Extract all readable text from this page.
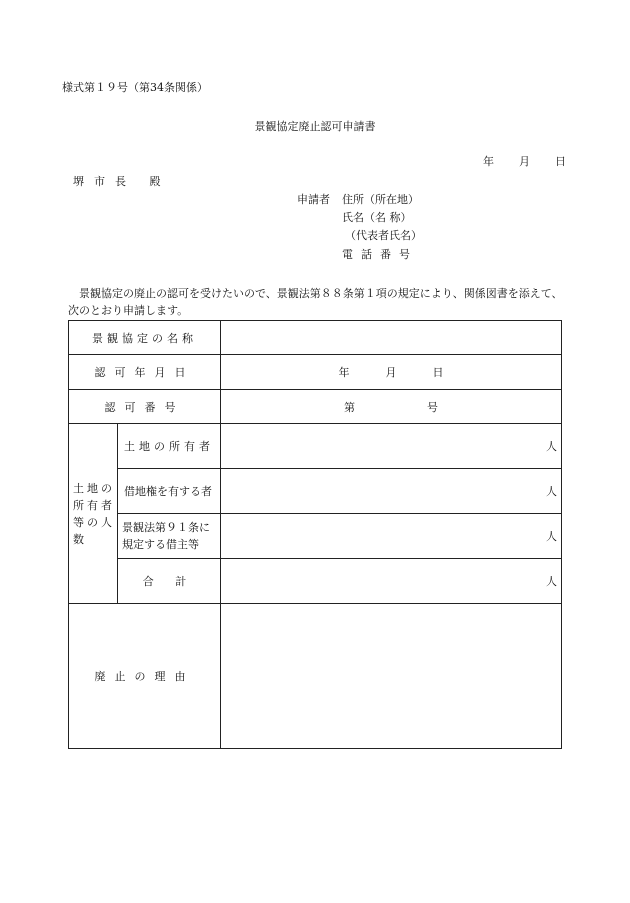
様式第１９号（第34条関係）
景観協定廃止認可申請書
年 月 日
堺市長 殿
申請者 住所（所在地）
氏名（名 称）
（代表者氏名）
電話番号
景観協定の廃止の認可を受けたいので、景観法第８８条第１項の規定により、関係図書を添えて、次のとおり申請します。
景観協定の名称		
認可年月日		年 月 日
認可番号		第 号
土地の所有者等の人数	土地の所有者	人
	借地権を有する者	人
	景観法第９１条に規定する借主等	人
	合 計	人
廃止の理由		
